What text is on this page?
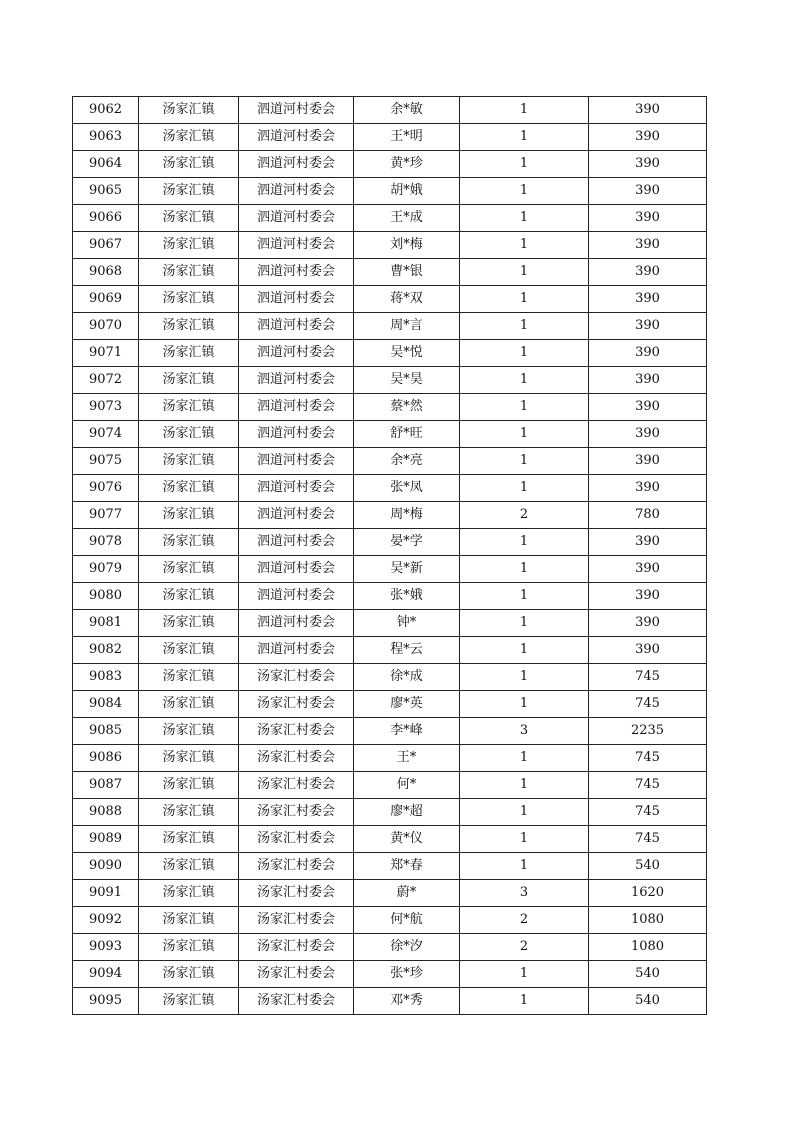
9062	汤家汇镇	泗道河村委会	余*敏	1	390
9063	汤家汇镇	泗道河村委会	王*明	1	390
9064	汤家汇镇	泗道河村委会	黄*珍	1	390
9065	汤家汇镇	泗道河村委会	胡*娥	1	390
9066	汤家汇镇	泗道河村委会	王*成	1	390
9067	汤家汇镇	泗道河村委会	刘*梅	1	390
9068	汤家汇镇	泗道河村委会	曹*银	1	390
9069	汤家汇镇	泗道河村委会	蒋*双	1	390
9070	汤家汇镇	泗道河村委会	周*言	1	390
9071	汤家汇镇	泗道河村委会	吴*悦	1	390
9072	汤家汇镇	泗道河村委会	吴*昊	1	390
9073	汤家汇镇	泗道河村委会	蔡*然	1	390
9074	汤家汇镇	泗道河村委会	舒*旺	1	390
9075	汤家汇镇	泗道河村委会	余*亮	1	390
9076	汤家汇镇	泗道河村委会	张*凤	1	390
9077	汤家汇镇	泗道河村委会	周*梅	2	780
9078	汤家汇镇	泗道河村委会	晏*学	1	390
9079	汤家汇镇	泗道河村委会	吴*新	1	390
9080	汤家汇镇	泗道河村委会	张*娥	1	390
9081	汤家汇镇	泗道河村委会	钟*	1	390
9082	汤家汇镇	泗道河村委会	程*云	1	390
9083	汤家汇镇	汤家汇村委会	徐*成	1	745
9084	汤家汇镇	汤家汇村委会	廖*英	1	745
9085	汤家汇镇	汤家汇村委会	李*峰	3	2235
9086	汤家汇镇	汤家汇村委会	王*	1	745
9087	汤家汇镇	汤家汇村委会	何*	1	745
9088	汤家汇镇	汤家汇村委会	廖*超	1	745
9089	汤家汇镇	汤家汇村委会	黄*仪	1	745
9090	汤家汇镇	汤家汇村委会	郑*春	1	540
9091	汤家汇镇	汤家汇村委会	蔚*	3	1620
9092	汤家汇镇	汤家汇村委会	何*航	2	1080
9093	汤家汇镇	汤家汇村委会	徐*汐	2	1080
9094	汤家汇镇	汤家汇村委会	张*珍	1	540
9095	汤家汇镇	汤家汇村委会	邓*秀	1	540
